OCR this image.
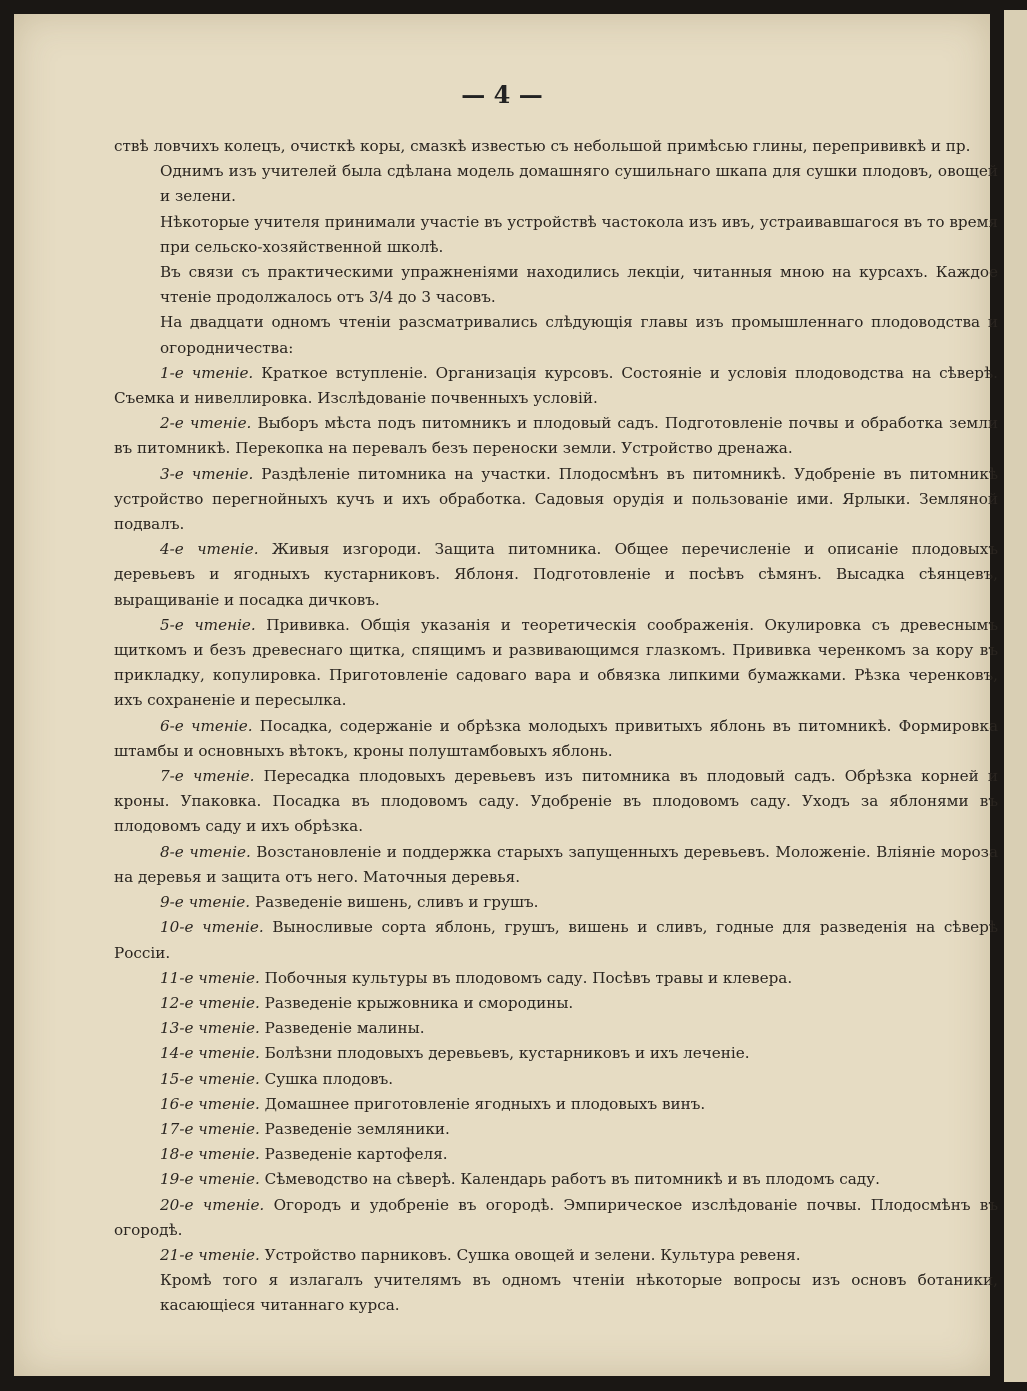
— 4 —
ствѣ ловчихъ колецъ, очисткѣ коры, смазкѣ известью съ небольшой примѣсью глины, перепрививкѣ и пр.
Однимъ изъ учителей была сдѣлана модель домашняго сушильнаго шкапа для сушки плодовъ, овощей и зелени.
Нѣкоторые учителя принимали участіе въ устройствѣ частокола изъ ивъ, устраивавшагося въ то время при сельско-хозяйственной школѣ.
Въ связи съ практическими упражненіями находились лекціи, читанныя мною на курсахъ. Каждое чтеніе продолжалось отъ 3/4 до 3 часовъ.
На двадцати одномъ чтеніи разсматривались слѣдующія главы изъ промышленнаго плодоводства и огородничества:
1-е чтеніе. Краткое вступленіе. Организація курсовъ. Состояніе и условія плодоводства на сѣверѣ. Съемка и нивеллировка. Изслѣдованіе почвенныхъ условій.
2-е чтеніе. Выборъ мѣста подъ питомникъ и плодовый садъ. Подготовленіе почвы и обработка земли въ питомникѣ. Перекопка на перевалъ безъ переноски земли. Устройство дренажа.
3-е чтеніе. Раздѣленіе питомника на участки. Плодосмѣнъ въ питомникѣ. Удобреніе въ питомникѣ устройство перегнойныхъ кучъ и ихъ обработка. Садовыя орудія и пользованіе ими. Ярлыки. Земляной подвалъ.
4-е чтеніе. Живыя изгороди. Защита питомника. Общее перечисленіе и описаніе плодовыхъ деревьевъ и ягодныхъ кустарниковъ. Яблоня. Подготовленіе и посѣвъ сѣмянъ. Высадка сѣянцевъ, выращиваніе и посадка дичковъ.
5-е чтеніе. Прививка. Общія указанія и теоретическія соображенія. Окулировка съ древеснымъ щиткомъ и безъ древеснаго щитка, спящимъ и развивающимся глазкомъ. Прививка черенкомъ за кору въ прикладку, копулировка. Приготовленіе садоваго вара и обвязка липкими бумажками. Рѣзка черенковъ, ихъ сохраненіе и пересылка.
6-е чтеніе. Посадка, содержаніе и обрѣзка молодыхъ привитыхъ яблонь въ питомникѣ. Формировка штамбы и основныхъ вѣтокъ, кроны полуштамбовыхъ яблонь.
7-е чтеніе. Пересадка плодовыхъ деревьевъ изъ питомника въ плодовый садъ. Обрѣзка корней и кроны. Упаковка. Посадка въ плодовомъ саду. Удобреніе въ плодовомъ саду. Уходъ за яблонями въ плодовомъ саду и ихъ обрѣзка.
8-е чтеніе. Возстановленіе и поддержка старыхъ запущенныхъ деревьевъ. Моложеніе. Вліяніе мороза на деревья и защита отъ него. Маточныя деревья.
9-е чтеніе. Разведеніе вишень, сливъ и грушъ.
10-е чтеніе. Выносливые сорта яблонь, грушъ, вишень и сливъ, годные для разведенія на сѣверѣ Россіи.
11-е чтеніе. Побочныя культуры въ плодовомъ саду. Посѣвъ травы и клевера.
12-е чтеніе. Разведеніе крыжовника и смородины.
13-е чтеніе. Разведеніе малины.
14-е чтеніе. Болѣзни плодовыхъ деревьевъ, кустарниковъ и ихъ леченіе.
15-е чтеніе. Сушка плодовъ.
16-е чтеніе. Домашнее приготовленіе ягодныхъ и плодовыхъ винъ.
17-е чтеніе. Разведеніе земляники.
18-е чтеніе. Разведеніе картофеля.
19-е чтеніе. Сѣмеводство на сѣверѣ. Календарь работъ въ питомникѣ и въ плодомъ саду.
20-е чтеніе. Огородъ и удобреніе въ огородѣ. Эмпирическое изслѣдованіе почвы. Плодосмѣнъ въ огородѣ.
21-е чтеніе. Устройство парниковъ. Сушка овощей и зелени. Культура ревеня.
Кромѣ того я излагалъ учителямъ въ одномъ чтеніи нѣкоторые вопросы изъ основъ ботаники, касающіеся читаннаго курса.
